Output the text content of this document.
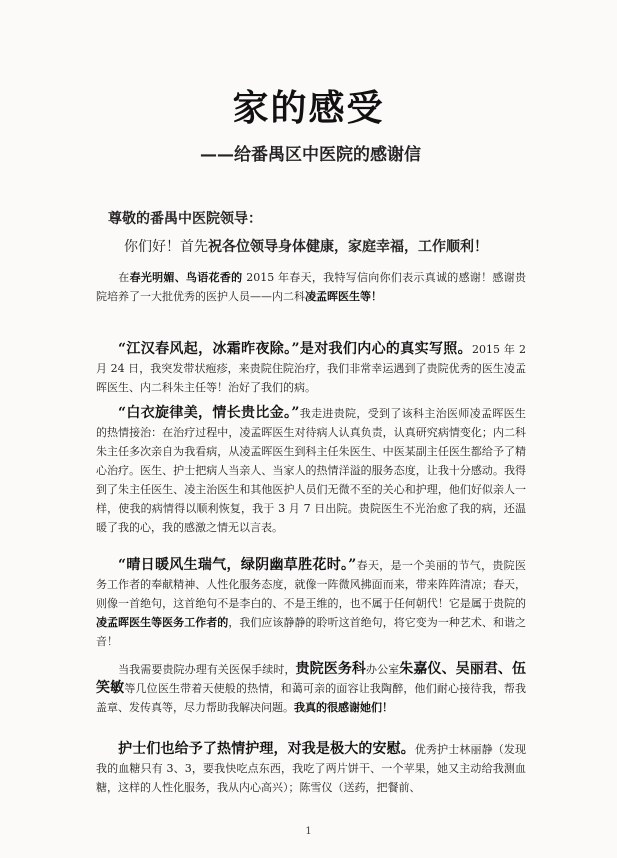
家的感受
——给番禺区中医院的感谢信
尊敬的番禺中医院领导：
你们好！首先祝各位领导身体健康，家庭幸福，工作顺利！
在春光明媚、鸟语花香的 2015 年春天，我特写信向你们表示真诚的感谢！感谢贵院培养了一大批优秀的医护人员——内二科凌孟晖医生等！
“江汉春风起，冰霜昨夜除。”是对我们内心的真实写照。2015 年 2 月 24 日，我突发带状疱疹，来贵院住院治疗，我们非常幸运遇到了贵院优秀的医生凌孟晖医生、内二科朱主任等！治好了我们的病。
“白衣旋律美，情长贵比金。”我走进贵院，受到了该科主治医师凌孟晖医生的热情接治：在治疗过程中，凌孟晖医生对待病人认真负责，认真研究病情变化；内二科朱主任多次亲自为我看病，从凌孟晖医生到科主任朱医生、中医某副主任医生都给予了精心治疗。医生、护士把病人当亲人、当家人的热情洋溢的服务态度，让我十分感动。我得到了朱主任医生、凌主治医生和其他医护人员们无微不至的关心和护理，他们好似亲人一样，使我的病情得以顺利恢复，我于 3 月 7 日出院。贵院医生不光治愈了我的病，还温暖了我的心，我的感激之情无以言表。
“晴日暖风生瑞气，绿阴幽草胜花时。”春天，是一个美丽的节气，贵院医务工作者的奉献精神、人性化服务态度，就像一阵微风拂面而来，带来阵阵清凉；春天，则像一首绝句，这首绝句不是李白的、不是王维的，也不属于任何朝代！它是属于贵院的凌孟晖医生等医务工作者的，我们应该静静的聆听这首绝句，将它变为一种艺术、和谐之音！
当我需要贵院办理有关医保手续时，贵院医务科办公室朱嘉仪、吴丽君、伍笑敏等几位医生带着天使般的热情，和蔼可亲的面容让我陶醉，他们耐心接待我，帮我盖章、发传真等，尽力帮助我解决问题。我真的很感谢她们！
护士们也给予了热情护理，对我是极大的安慰。优秀护士林丽静（发现我的血糖只有 3、3，要我快吃点东西，我吃了两片饼干、一个苹果，她又主动给我测血糖，这样的人性化服务，我从内心高兴）；陈雪仪（送药，把餐前、
1
